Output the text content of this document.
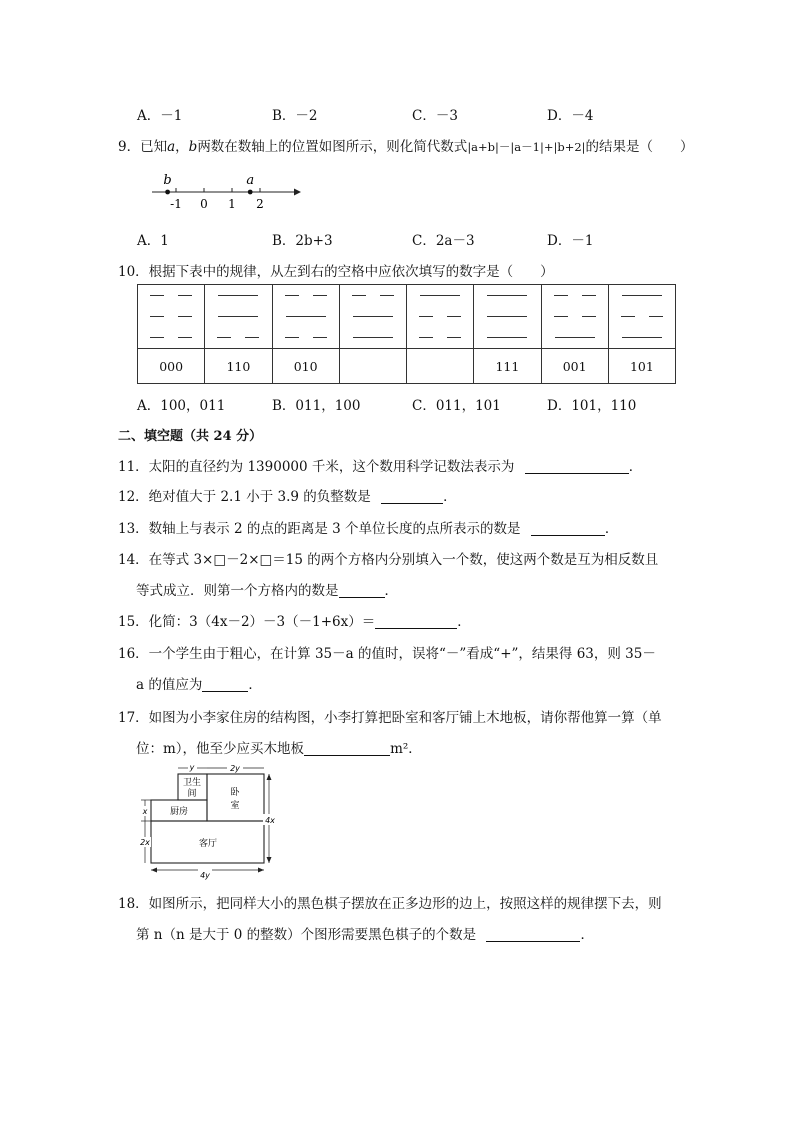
A．－1	B．－2	C．－3	D．－4
9．已知a，b两数在数轴上的位置如图所示，则化简代数式|a+b|－|a－1|+|b+2|的结果是（　　）
-1 0 1 2
b	a
A．1	B．2b+3	C．2a－3	D．－1
10．根据下表中的规律，从左到右的空格中应依次填写的数字是（　　）

000	110	010			111	001	101
A．100，011	B．011，100	C．011，101	D．101，110
二、填空题（共 24 分）
11．太阳的直径约为 1390000 千米，这个数用科学记数法表示为	．
12．绝对值大于 2.1 小于 3.9 的负整数是	．
13．数轴上与表示 2 的点的距离是 3 个单位长度的点所表示的数是	．
14．在等式 3×□－2×□＝15 的两个方格内分别填入一个数，使这两个数是互为相反数且
等式成立．则第一个方格内的数是	．
15．化简：3（4x－2）－3（－1+6x）＝	．
16．一个学生由于粗心，在计算 35－a 的值时，误将“－”看成“+”，结果得 63，则 35－
a 的值应为	．
17．如图为小李家住房的结构图，小李打算把卧室和客厅铺上木地板，请你帮他算一算（单
位：m），他至少应买木地板	m²．
卫生
间	卧
室
厨房
客厅
y	2y
x
2x
4x
4y
18．如图所示，把同样大小的黑色棋子摆放在正多边形的边上，按照这样的规律摆下去，则
第 n（n 是大于 0 的整数）个图形需要黑色棋子的个数是	．
